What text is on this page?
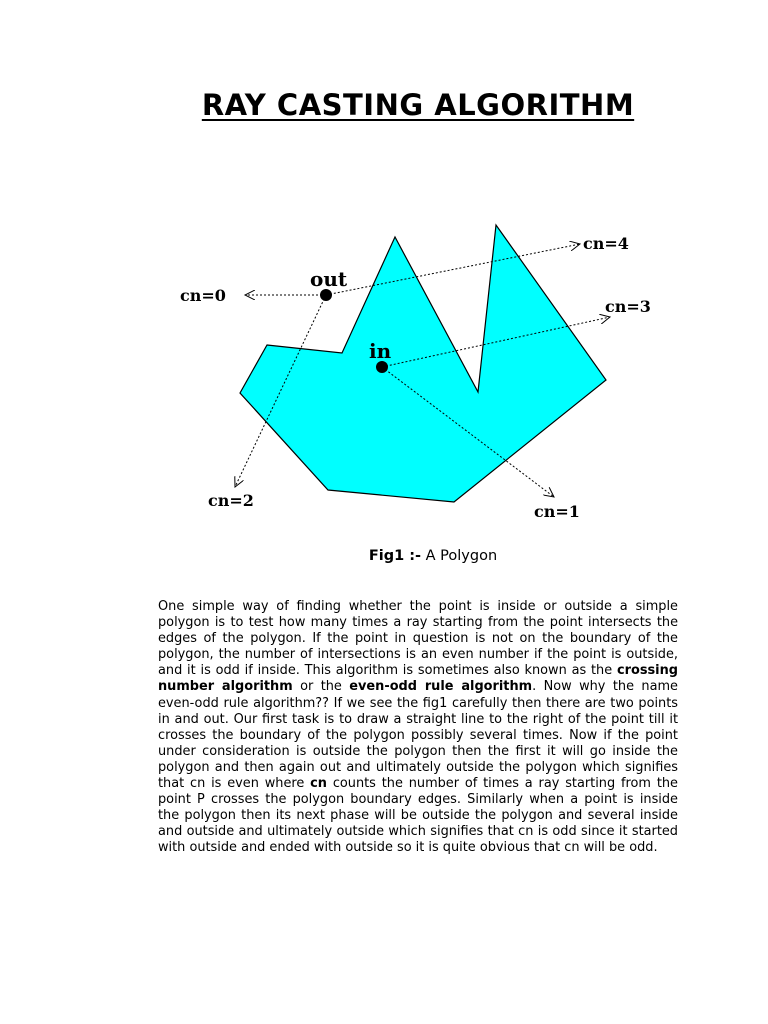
RAY CASTING ALGORITHM
out
in
cn=0
cn=4
cn=3
cn=2
cn=1
Fig1 :- A Polygon
One simple way of finding whether the point is inside or outside a simple polygon is to test how many times a ray starting from the point intersects the edges of the polygon. If the point in question is not on the boundary of the polygon, the number of intersections is an even number if the point is outside, and it is odd if inside. This algorithm is sometimes also known as the crossing number algorithm or the even-odd rule algorithm. Now why the name even-odd rule algorithm?? If we see the fig1 carefully then there are two points in and out. Our first task is to draw a straight line to the right of the point till it crosses the boundary of the polygon possibly several times. Now if the point under consideration is outside the polygon then the first it will go inside the polygon and then again out and ultimately outside the polygon which signifies that cn is even where cn counts the number of times a ray starting from the point P crosses the polygon boundary edges. Similarly when a point is inside the polygon then its next phase will be outside the polygon and several inside and outside and ultimately outside which signifies that cn is odd since it started with outside and ended with outside so it is quite obvious that cn will be odd.
